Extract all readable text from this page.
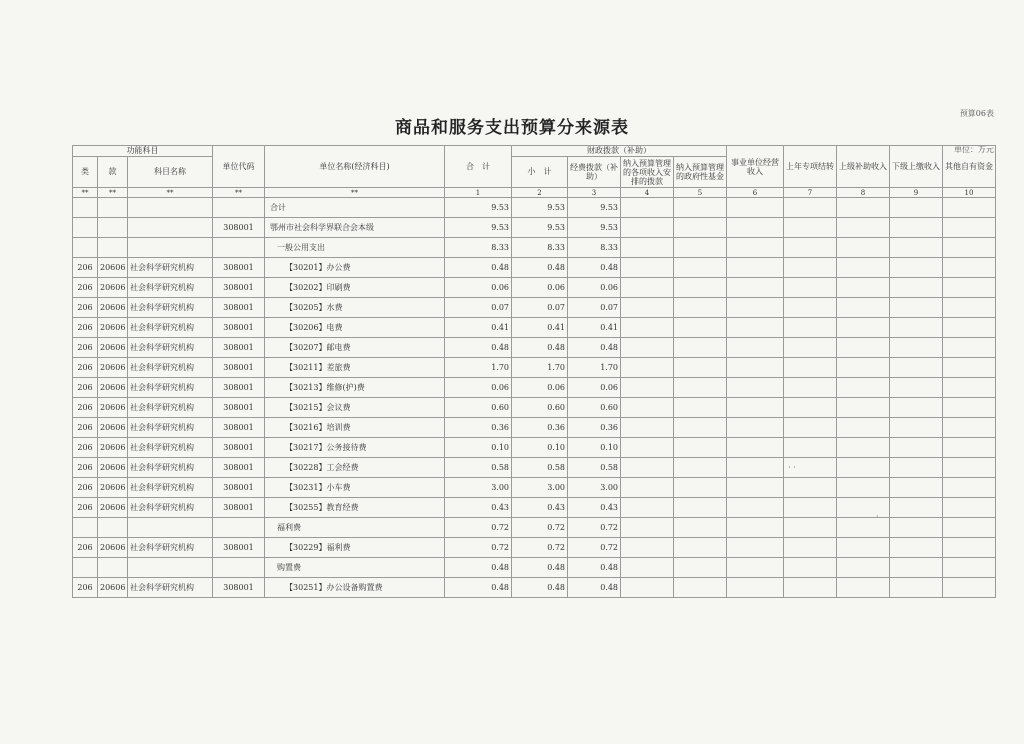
预算06表
商品和服务支出预算分来源表
单位：万元
功能科目			单位代码	单位名称(经济科目)	合　计	财政拨款（补助）				事业单位经营收入	上年专项结转	上级补助收入	下级上缴收入	其他自有资金
类	款	科目名称				小　计	经费拨款（补助）	纳入预算管理的各项收入安排的拨款	纳入预算管理的政府性基金					
**	**	**	**	**	1	2	3	4	5	6	7	8	9	10
				合计	9.53	9.53	9.53							
			308001	鄂州市社会科学界联合会本级	9.53	9.53	9.53							
				一般公用支出	8.33	8.33	8.33							
206	20606	社会科学研究机构	308001	【30201】办公费	0.48	0.48	0.48							
206	20606	社会科学研究机构	308001	【30202】印刷费	0.06	0.06	0.06							
206	20606	社会科学研究机构	308001	【30205】水费	0.07	0.07	0.07							
206	20606	社会科学研究机构	308001	【30206】电费	0.41	0.41	0.41							
206	20606	社会科学研究机构	308001	【30207】邮电费	0.48	0.48	0.48							
206	20606	社会科学研究机构	308001	【30211】差旅费	1.70	1.70	1.70							
206	20606	社会科学研究机构	308001	【30213】维修(护)费	0.06	0.06	0.06							
206	20606	社会科学研究机构	308001	【30215】会议费	0.60	0.60	0.60							
206	20606	社会科学研究机构	308001	【30216】培训费	0.36	0.36	0.36							
206	20606	社会科学研究机构	308001	【30217】公务接待费	0.10	0.10	0.10							
206	20606	社会科学研究机构	308001	【30228】工会经费	0.58	0.58	0.58							
206	20606	社会科学研究机构	308001	【30231】小车费	3.00	3.00	3.00							
206	20606	社会科学研究机构	308001	【30255】教育经费	0.43	0.43	0.43							
				福利费	0.72	0.72	0.72							
206	20606	社会科学研究机构	308001	【30229】福利费	0.72	0.72	0.72							
				购置费	0.48	0.48	0.48							
206	20606	社会科学研究机构	308001	【30251】办公设备购置费	0.48	0.48	0.48							
· ·
·
